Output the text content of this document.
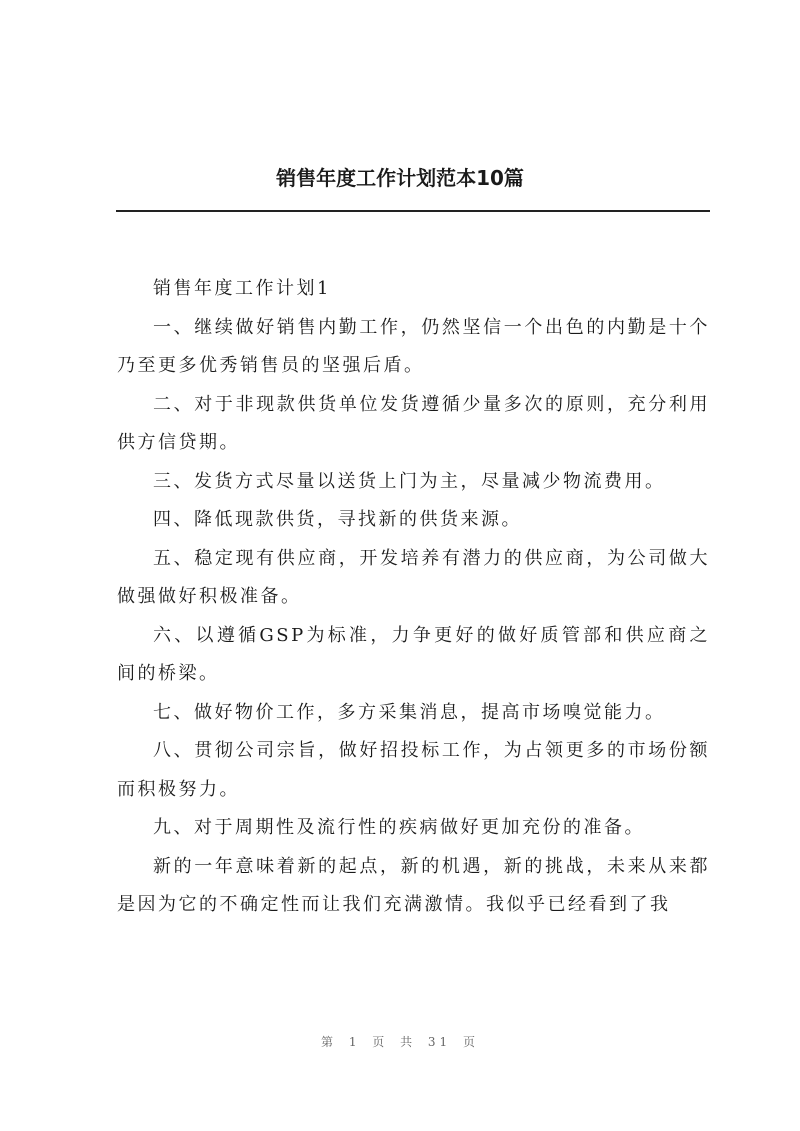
销售年度工作计划范本10篇

销售年度工作计划1

一、继续做好销售内勤工作，仍然坚信一个出色的内勤是十个乃至更多优秀销售员的坚强后盾。

二、对于非现款供货单位发货遵循少量多次的原则，充分利用供方信贷期。

三、发货方式尽量以送货上门为主，尽量减少物流费用。

四、降低现款供货，寻找新的供货来源。

五、稳定现有供应商，开发培养有潜力的供应商，为公司做大做强做好积极准备。

六、以遵循GSP为标准，力争更好的做好质管部和供应商之间的桥梁。

七、做好物价工作，多方采集消息，提高市场嗅觉能力。

八、贯彻公司宗旨，做好招投标工作，为占领更多的市场份额而积极努力。

九、对于周期性及流行性的疾病做好更加充份的准备。

新的一年意味着新的起点，新的机遇，新的挑战，未来从来都是因为它的不确定性而让我们充满激情。我似乎已经看到了我

第 1 页 共 31 页
